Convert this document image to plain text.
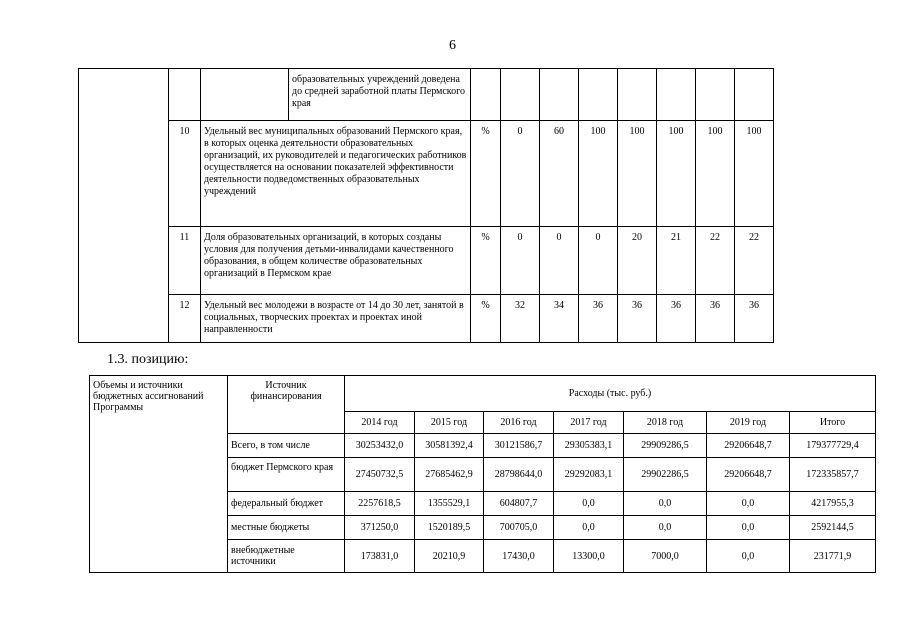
6
			образовательных учреждений доведена до средней заработной платы Пермского края								
	10	Удельный вес муниципальных образований Пермского края, в которых оценка деятельности образовательных организаций, их руководителей и педагогических работников осуществляется на основании показателей эффективности деятельности подведомственных образовательных учреждений		%	0	60	100	100	100	100	100
	11	Доля образовательных организаций, в которых созданы условия для получения детьми-инвалидами качественного образования, в общем количестве образовательных организаций в Пермском крае		%	0	0	0	20	21	22	22
	12	Удельный вес молодежи в возрасте от 14 до 30 лет, занятой в социальных, творческих проектах и проектах иной направленности		%	32	34	36	36	36	36	36
1.3. позицию:
Объемы и источники бюджетных ассигнований Программы	Источник финансирования	Расходы (тыс. руб.)						
		2014 год	2015 год	2016 год	2017 год	2018 год	2019 год	Итого
	Всего, в том числе	30253432,0	30581392,4	30121586,7	29305383,1	29909286,5	29206648,7	179377729,4
	бюджет Пермского края	27450732,5	27685462,9	28798644,0	29292083,1	29902286,5	29206648,7	172335857,7
	федеральный бюджет	2257618,5	1355529,1	604807,7	0,0	0,0	0,0	4217955,3
	местные бюджеты	371250,0	1520189,5	700705,0	0,0	0,0	0,0	2592144,5
	внебюджетные источники	173831,0	20210,9	17430,0	13300,0	7000,0	0,0	231771,9
